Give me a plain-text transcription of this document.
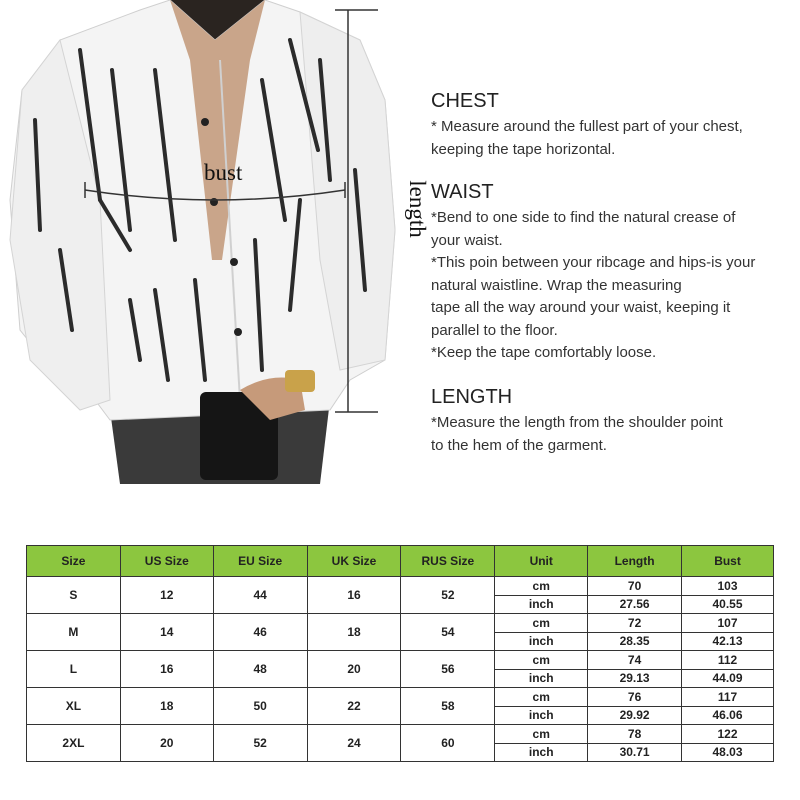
bust
length
CHEST

* Measure around the fullest part of your chest,
keeping the tape horizontal.

WAIST

*Bend to one side to find the natural crease of
your waist.
*This poin between your ribcage and hips-is your
natural waistline. Wrap the measuring
tape all the way around your waist, keeping it
parallel to the floor.
*Keep the tape comfortably loose.

LENGTH

*Measure the length from the shoulder point
to the hem of the garment.

Size	US Size	EU Size	UK Size	RUS Size	Unit	Length	Bust
S	12	44	16	52	cm	70	103
					inch	27.56	40.55
M	14	46	18	54	cm	72	107
					inch	28.35	42.13
L	16	48	20	56	cm	74	112
					inch	29.13	44.09
XL	18	50	22	58	cm	76	117
					inch	29.92	46.06
2XL	20	52	24	60	cm	78	122
					inch	30.71	48.03
